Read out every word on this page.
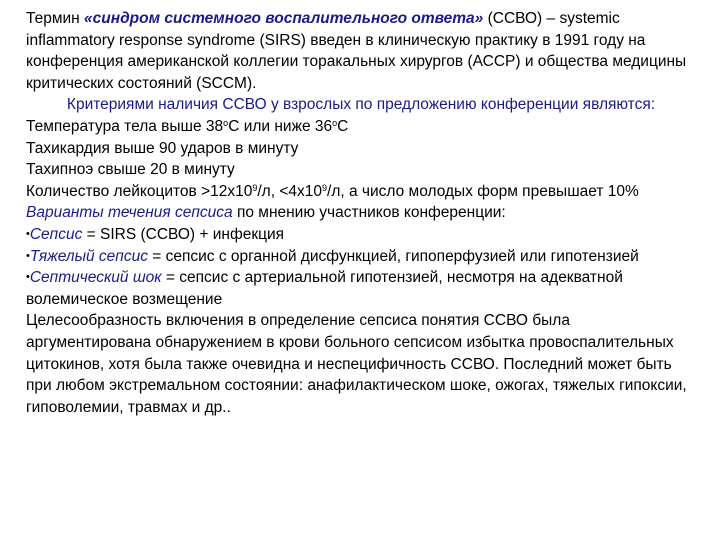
Термин «синдром системного воспалительного ответа» (ССВО) – systemic inflammatory response syndrome (SIRS) введен в клиническую практику в 1991 году на конференция американской коллегии торакальных хирургов (АССР) и общества медицины критических состояний (SCCM).

Критериями наличия ССВО у взрослых по предложению конференции являются:

Температура тела выше $38^оС$ или ниже $36^оС$

Тахикардия выше 90 ударов в минуту

Тахипноэ свыше 20 в минуту

Количество лейкоцитов $>12х10^9/л$, $<4х10^9/л$, а число молодых форм превышает 10%

Варианты течения сепсиса по мнению участников конференции:

•Сепсис = SIRS (ССВО) + инфекция

•Тяжелый сепсис = сепсис с органной дисфункцией, гипоперфузией или гипотензией

•Септический шок = сепсис с артериальной гипотензией, несмотря на адекватной волемическое возмещение

Целесообразность включения в определение сепсиса понятия ССВО была аргументирована обнаружением в крови больного сепсисом избытка провоспалительных цитокинов, хотя была также очевидна и неспецифичность ССВО. Последний может быть при любом экстремальном состоянии: анафилактическом шоке, ожогах, тяжелых гипоксии, гиповолемии, травмах и др..
